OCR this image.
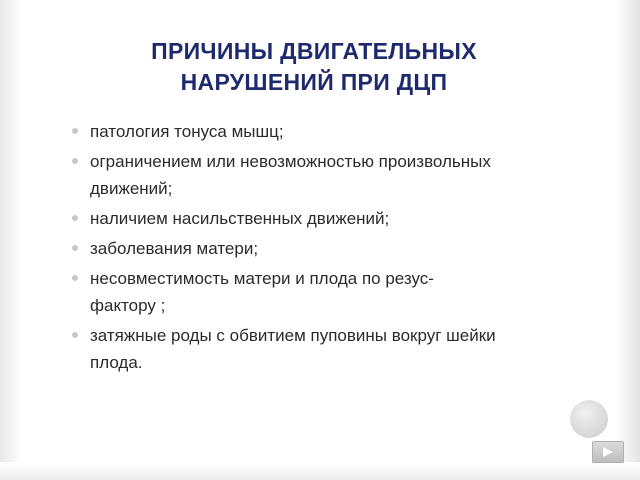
ПРИЧИНЫ ДВИГАТЕЛЬНЫХ
НАРУШЕНИЙ ПРИ ДЦП
патология тонуса мышц;
ограничением или невозможностью произвольных
движений;
наличием насильственных движений;
заболевания матери;
несовместимость матери и плода по резус-
фактору ;
затяжные роды с обвитием пуповины вокруг шейки
плода.
